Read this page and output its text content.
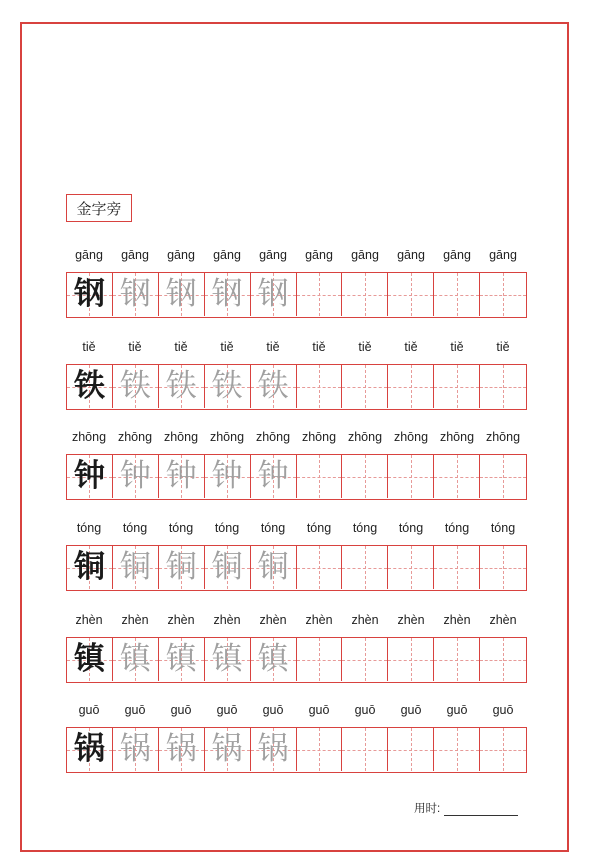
金字旁
gāng	gāng	gāng	gāng	gāng	gāng	gāng	gāng	gāng	gāng
钢 钢 钢 钢 钢
tiě	tiě	tiě	tiě	tiě	tiě	tiě	tiě	tiě	tiě
铁 铁 铁 铁 铁
zhōng zhōng zhōng zhōng zhōng zhōng zhōng zhōng zhōng zhōng
钟 钟 钟 钟 钟
tóng	tóng	tóng	tóng	tóng	tóng	tóng	tóng	tóng	tóng
铜 铜 铜 铜 铜
zhèn	zhèn	zhèn	zhèn	zhèn	zhèn	zhèn	zhèn	zhèn	zhèn
镇 镇 镇 镇 镇
guō	guō	guō	guō	guō	guō	guō	guō	guō	guō
锅 锅 锅 锅 锅
用时:
